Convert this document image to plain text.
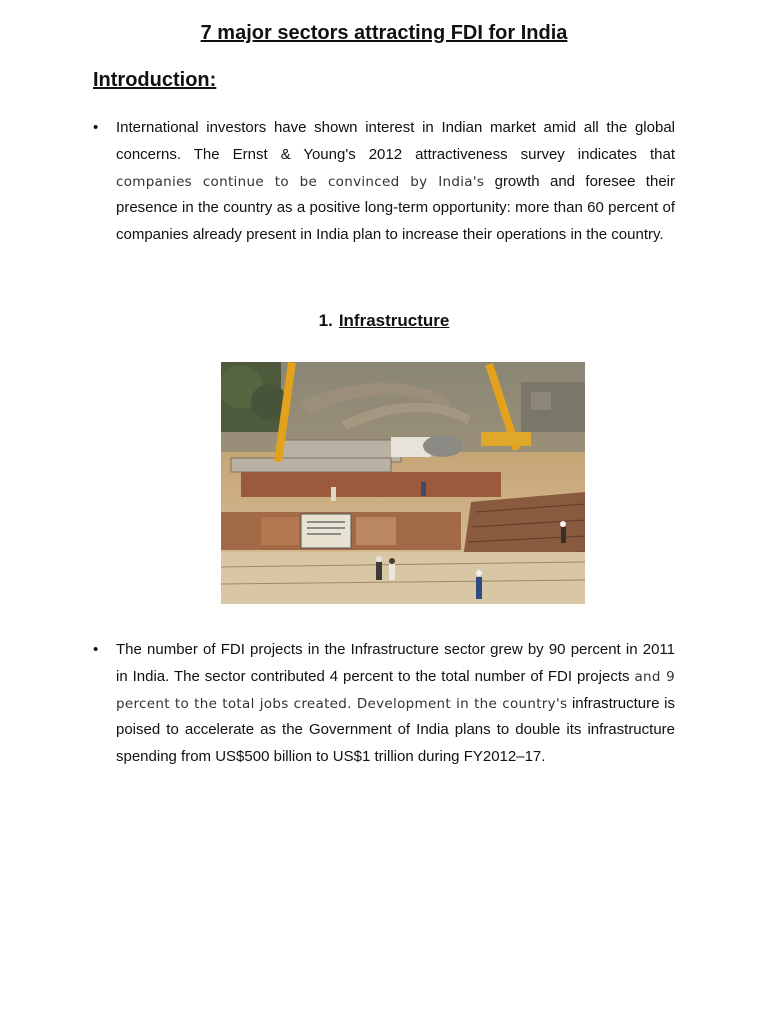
7 major sectors attracting FDI for India
Introduction:
• International investors have shown interest in Indian market amid all the global concerns. The Ernst & Young's 2012 attractiveness survey indicates that companies continue to be convinced by India's growth and foresee their presence in the country as a positive long-term opportunity: more than 60 percent of companies already present in India plan to increase their operations in the country.
1. Infrastructure
• The number of FDI projects in the Infrastructure sector grew by 90 percent in 2011 in India. The sector contributed 4 percent to the total number of FDI projects and 9 percent to the total jobs created. Development in the country's infrastructure is poised to accelerate as the Government of India plans to double its infrastructure spending from US$500 billion to US$1 trillion during FY2012–17.
